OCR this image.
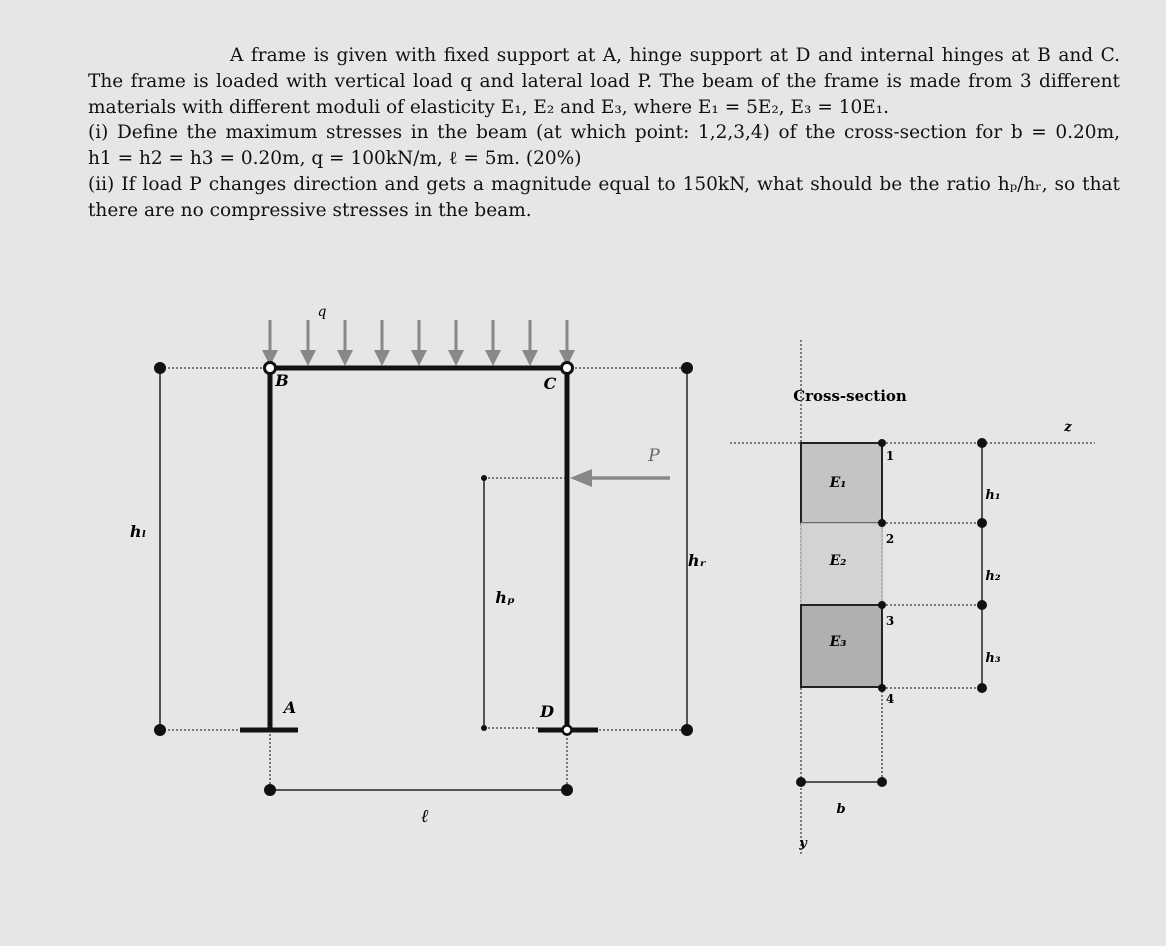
A frame is given with fixed support at A, hinge support at D and internal hinges at B and C.

The frame is loaded with vertical load q and lateral load P. The beam of the frame is made from 3 different

materials with different moduli of elasticity E₁, E₂ and E₃, where E₁ = 5E₂, E₃ = 10E₁.

(i) Define the maximum stresses in the beam (at which point: 1,2,3,4) of the cross-section for b = 0.20m,

h1 = h2 = h3 = 0.20m, q = 100kN/m, ℓ = 5m. (20%)

(ii) If load P changes direction and gets a magnitude equal to 150kN, what should be the ratio hₚ/hᵣ, so that

there are no compressive stresses in the beam.

q
P
B	C
A	D
hₗ
hₚ
hᵣ
ℓ
Cross-section
y
z
E₁
E₂
E₃
1
2
3
4
h₁
h₂
h₃
b
